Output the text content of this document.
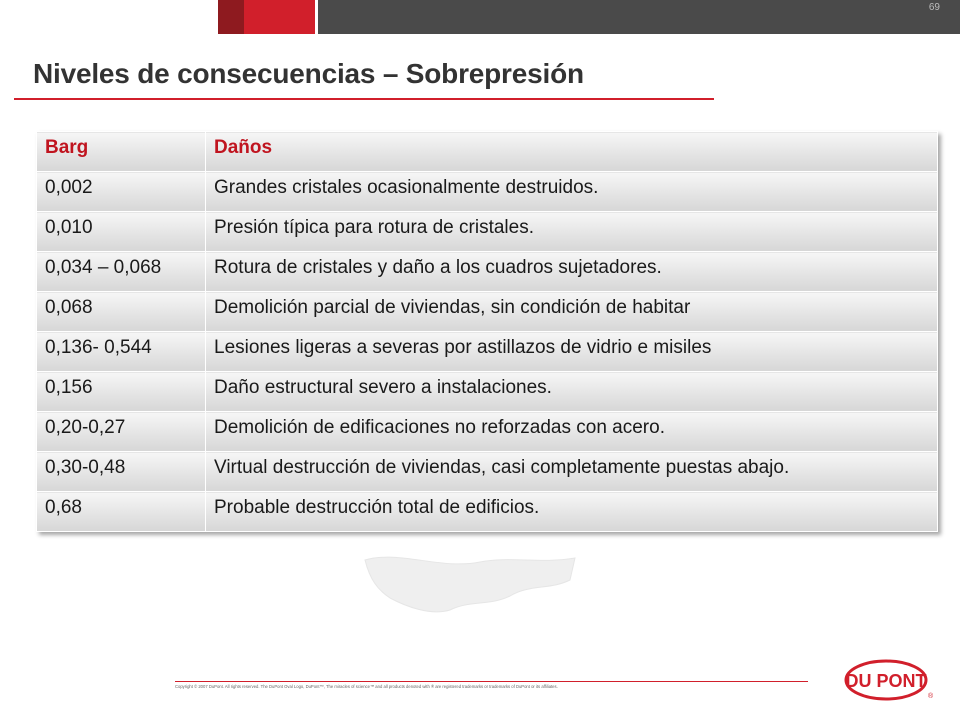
69
Niveles de consecuencias – Sobrepresión
Barg	Daños
0,002	Grandes cristales ocasionalmente destruidos.
0,010	Presión típica para rotura de cristales.
0,034 – 0,068	Rotura de cristales y daño a los cuadros sujetadores.
0,068	Demolición parcial de viviendas, sin condición de habitar
0,136- 0,544	Lesiones ligeras a severas por astillazos de vidrio e misiles
0,156	Daño estructural severo a instalaciones.
0,20-0,27	Demolición de edificaciones no reforzadas con acero.
0,30-0,48	Virtual destrucción de viviendas, casi completamente puestas abajo.
0,68	Probable destrucción total de edificios.
Copyright © 2007 DuPont. All rights reserved. The DuPont Oval Logo, DuPont™, The miracles of science™ and all products denoted with ® are registered trademarks or trademarks of DuPont or its affiliates.	DU PONT
®
